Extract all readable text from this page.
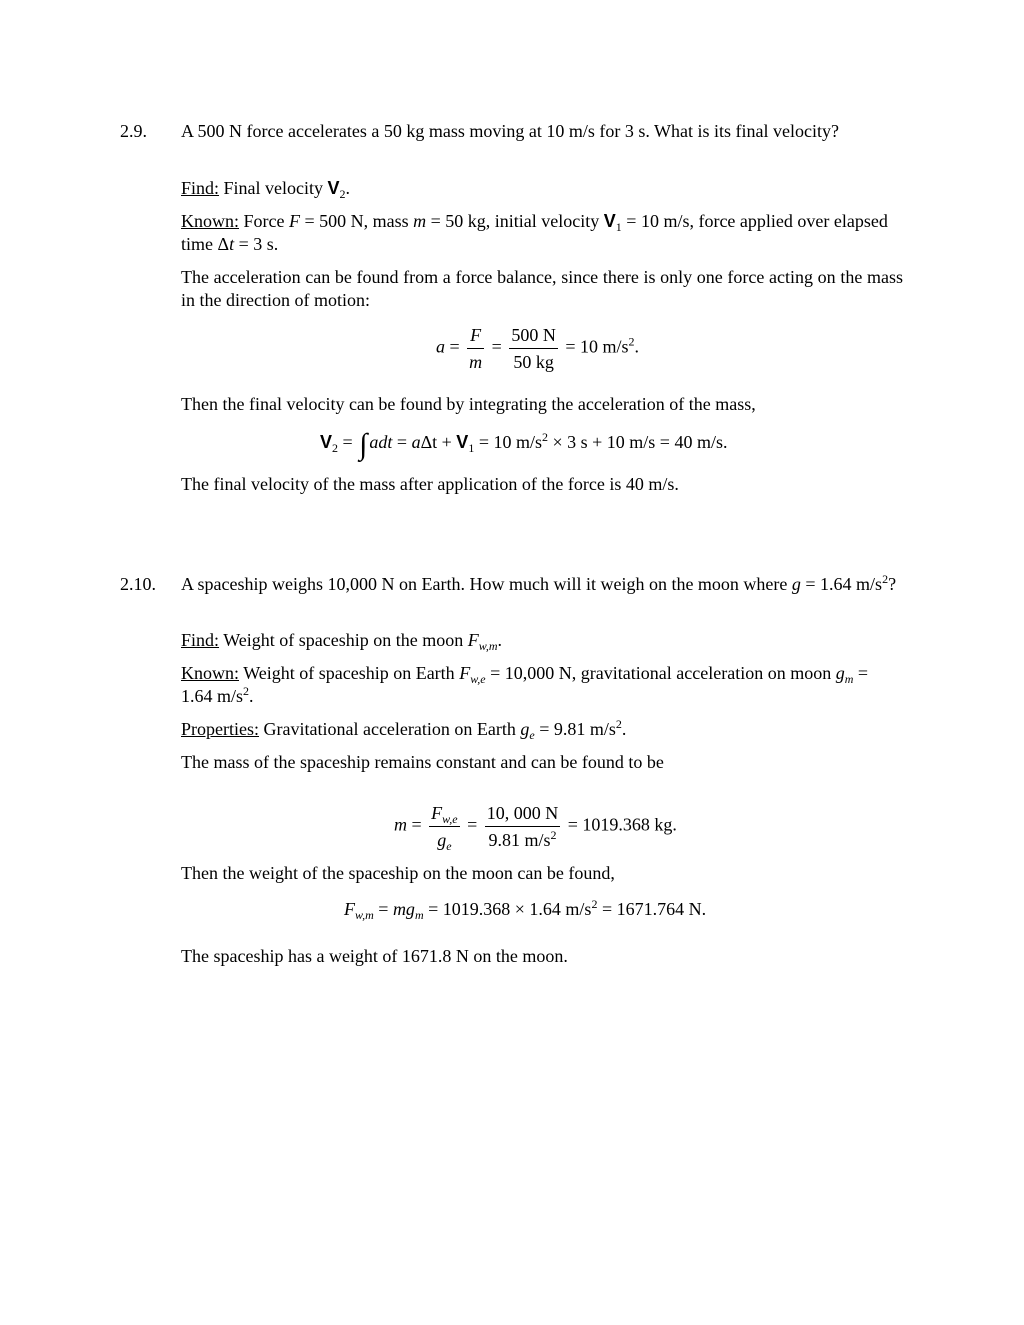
2.9. A 500 N force accelerates a 50 kg mass moving at 10 m/s for 3 s. What is its final velocity?
Find: Final velocity $V_2$.
Known: Force F = 500 N, mass m = 50 kg, initial velocity $V_1 = 10$ m/s, force applied over elapsed time Δt = 3 s.
The acceleration can be found from a force balance, since there is only one force acting on the mass in the direction of motion:
$a = \frac{F}{m} = \frac{500 N}{50 kg} = 10$ $m/s^2$.
Then the final velocity can be found by integrating the acceleration of the mass,
$V_2$ = ∫ adt = $a\Delta t + V_1 = 10$ $m/s^2 \times 3$ s + 10 m/s = 40 m/s.
The final velocity of the mass after application of the force is 40 m/s.
2.10. A spaceship weighs 10,000 N on Earth. How much will it weigh on the moon where g = 1.64 $m/s^2$?
Find: Weight of spaceship on the moon $F_{w,m}$.
Known: Weight of spaceship on Earth $F_{w,e} = 10,000$ N, gravitational acceleration on moon $g_m = 1.64$ $m/s^2$.
Properties: Gravitational acceleration on Earth $g_e = 9.81$ $m/s^2$.
The mass of the spaceship remains constant and can be found to be
$m = \frac{F_{w,e}}{g_e} = \frac{10, 000 N}{9.81 m/s^2} = 1019.368$ kg.
Then the weight of the spaceship on the moon can be found,
$F_{w,m} = mg_m = 1019.368 \times 1.64$ $m/s^2 = 1671.764$ N.
The spaceship has a weight of 1671.8 N on the moon.
